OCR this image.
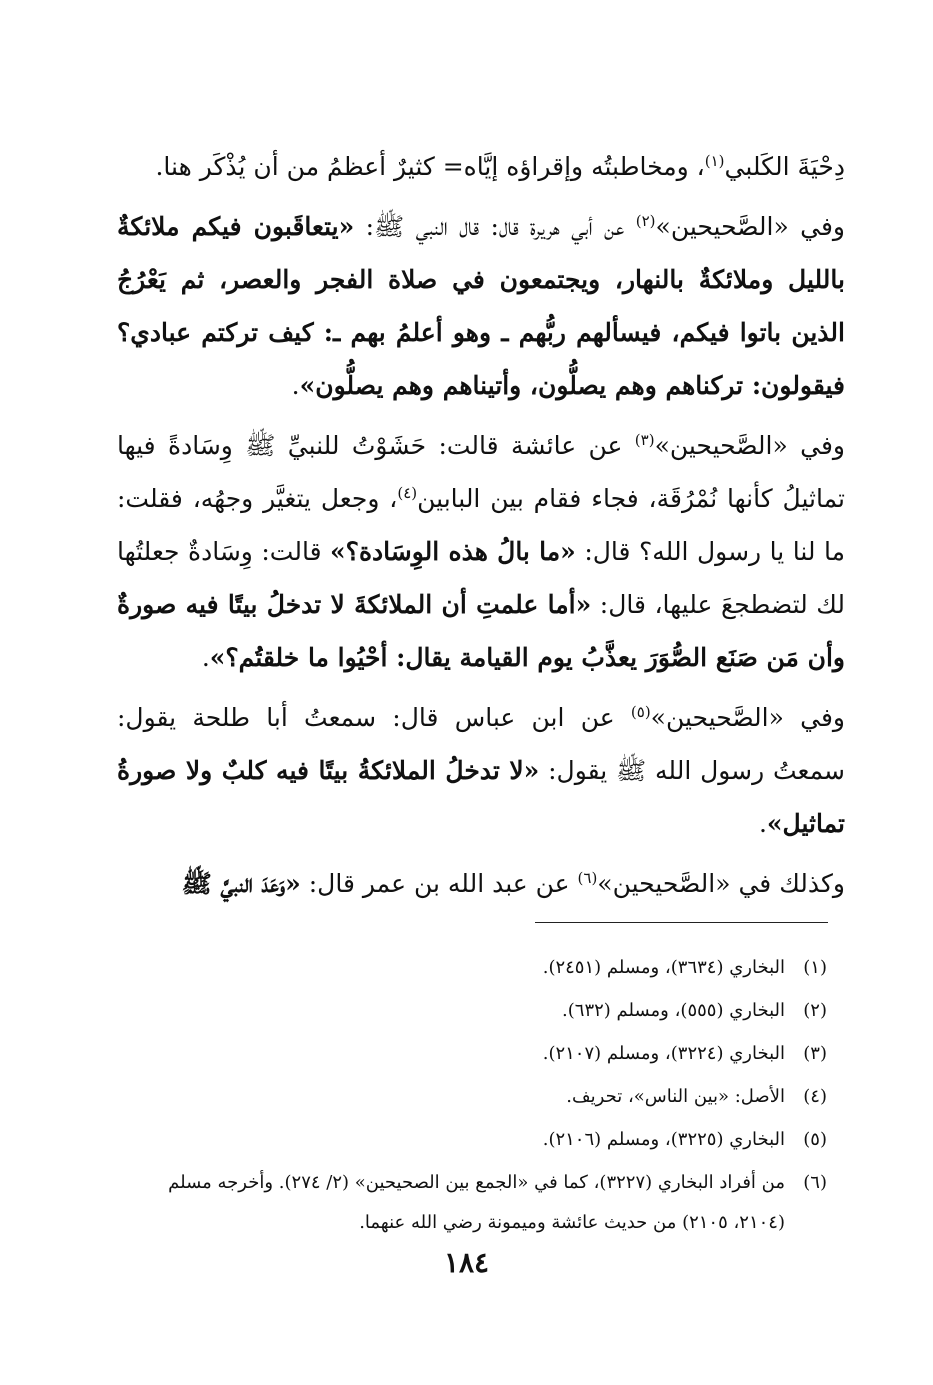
دِحْيَةَ الكَلبي$^{(١)}$، ومخاطبتُه وإقراؤه إيَّاه= كثيرٌ أعظمُ من أن يُذْكَر هنا.

وفي «الصَّحيحين»$^{(٢)}$ عن أبي هريرة قال: قال النبي ﷺ: «يتعاقَبون فيكم ملائكةٌ بالليل وملائكةٌ بالنهار، ويجتمعون في صلاة الفجر والعصر، ثم يَعْرُجُ الذين باتوا فيكم، فيسألهم ربُّهم ـ وهو أعلمُ بهم ـ: كيف تركتم عبادي؟ فيقولون: تركناهم وهم يصلُّون، وأتيناهم وهم يصلُّون».

وفي «الصَّحيحين»$^{(٣)}$ عن عائشة قالت: حَشَوْتُ للنبيِّ ﷺ وِسَادةً فيها تماثيلُ كأنها نُمْرُقَة، فجاء فقام بين البابين$^{(٤)}$، وجعل يتغيَّر وجهُه، فقلت: ما لنا يا رسول الله؟ قال: «ما بالُ هذه الوِسَادة؟» قالت: وِسَادةٌ جعلتُها لك لتضطجعَ عليها، قال: «أما علمتِ أن الملائكةَ لا تدخلُ بيتًا فيه صورةٌ وأن مَن صَنَع الصُّوَرَ يعذَّبُ يوم القيامة يقال: أحْيُوا ما خلقتُم؟».

وفي «الصَّحيحين»$^{(٥)}$ عن ابن عباس قال: سمعتُ أبا طلحة يقول: سمعتُ رسول الله ﷺ يقول: «لا تدخلُ الملائكةُ بيتًا فيه كلبٌ ولا صورةُ تماثيل».

وكذلك في «الصَّحيحين»$^{(٦)}$ عن عبد الله بن عمر قال: «وَعَدَ النبيَّ ﷺ

(١)
البخاري (٣٦٣٤)، ومسلم (٢٤٥١).
(٢)
البخاري (٥٥٥)، ومسلم (٦٣٢).
(٣)
البخاري (٣٢٢٤)، ومسلم (٢١٠٧).
(٤)
الأصل: «بين الناس»، تحريف.
(٥)
البخاري (٣٢٢٥)، ومسلم (٢١٠٦).
(٦)
من أفراد البخاري (٣٢٢٧)، كما في «الجمع بين الصحيحين» (٢/ ٢٧٤). وأخرجه مسلم (٢١٠٤، ٢١٠٥) من حديث عائشة وميمونة رضي الله عنهما.
١٨٤
